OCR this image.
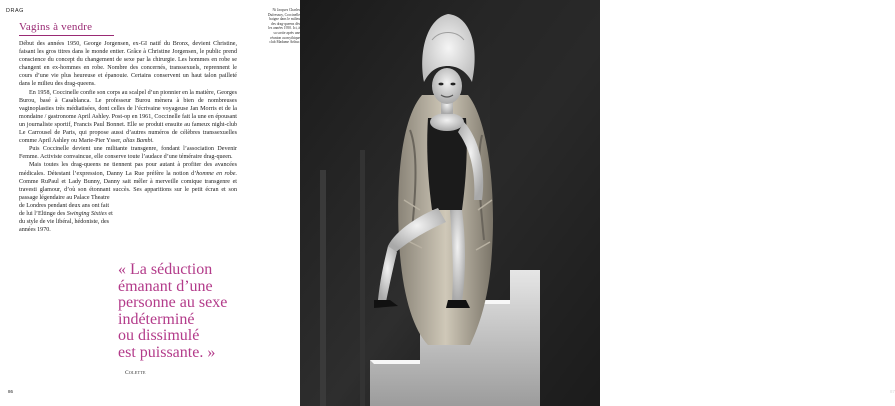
DRAG
Vagins à vendre

Début des années 1950, George Jorgensen, ex-GI natif du Bronx, devient Christine, faisant les gros titres dans le monde entier. Grâce à Christine Jorgensen, le public prend conscience du concept du changement de sexe par la chirurgie. Les hommes en robe se changent en ex-hommes en robe. Nombre des concernés, transsexuels, reprennent le cours d’une vie plus heureuse et épanouie. Certains conservent un haut talon pailleté dans le milieu des drag-queens.

En 1958, Coccinelle confie son corps au scalpel d’un pionnier en la matière, Georges Burou, basé à Casablanca. Le professeur Burou mènera à bien de nombreuses vaginoplasties très médiatisées, dont celles de l’écrivaine voyageuse Jan Morris et de la mondaine / gastronome April Ashley. Post-op en 1961, Coccinelle fait la une en épousant un journaliste sportif, Francis Paul Bonnet. Elle se produit ensuite au fameux night-club Le Carrousel de Paris, qui propose aussi d’autres numéros de célèbres transsexuelles comme April Ashley ou Marie-Pier Ysser, alias Bambi.

Puis Coccinelle devient une militante transgenre, fondant l’association Devenir Femme. Activiste convaincue, elle conserve toute l’audace d’une téméraire drag-queen.

Mais toutes les drag-queens ne tiennent pas pour autant à profiter des avancées médicales. Détestant l’expression, Danny La Rue préfère la notion d’homme en robe. Comme RuPaul et Lady Bunny, Danny sait mêler à merveille comique transgenre et travesti glamour, d’où son étonnant succès. Ses apparitions sur le petit écran et son passage légendaire au Palace Theatre

de Londres pendant deux ans ont fait de lui l’Eltinge des Swinging Sixties et du style de vie libéral, hédoniste, des années 1970.

« La séduction
émanant d’une
personne au sexe
indéterminé
ou dissimulé
est puissante. »
Colette
86
Ni Jacques Charles
Dufresnoy, Coccinelle
baigne dans le milieu
des drag-queens dès
les années 1950. Ici, à
sa sortie après une
réunion au mythique
club Madame Arthur.
87
